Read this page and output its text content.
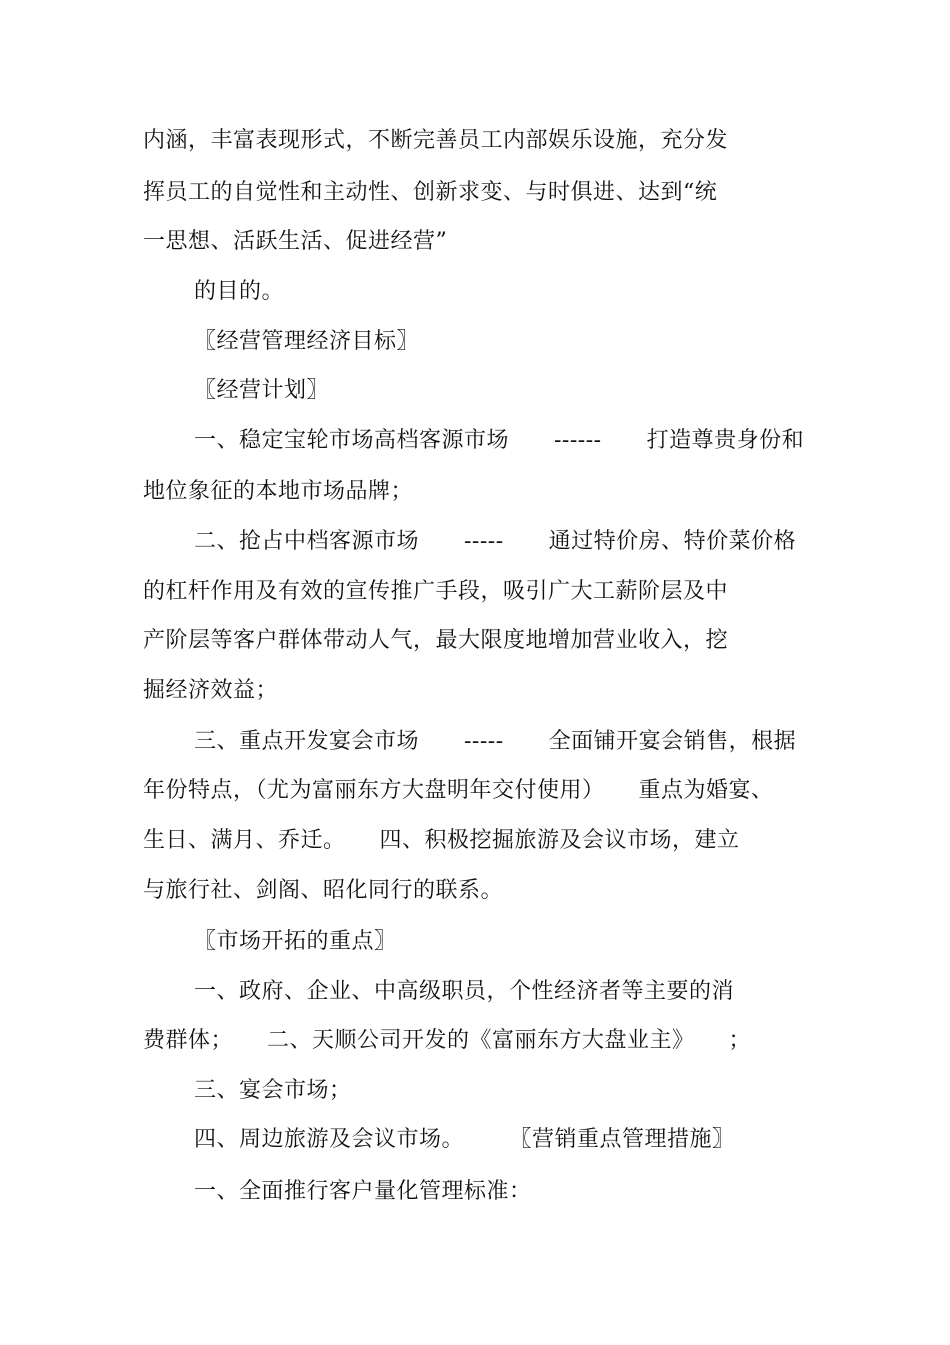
内涵，丰富表现形式，不断完善员工内部娱乐设施，充分发
挥员工的自觉性和主动性、创新求变、与时俱进、达到“统
一思想、活跃生活、促进经营”
的目的。
〖经营管理经济目标〗
〖经营计划〗
一、稳定宝轮市场高档客源市场　　------　　打造尊贵身份和
地位象征的本地市场品牌；
二、抢占中档客源市场　　-----　　通过特价房、特价菜价格
的杠杆作用及有效的宣传推广手段，吸引广大工薪阶层及中
产阶层等客户群体带动人气，最大限度地增加营业收入，挖
掘经济效益；
三、重点开发宴会市场　　-----　　全面铺开宴会销售，根据
年份特点，（尤为富丽东方大盘明年交付使用）　　重点为婚宴、
生日、满月、乔迁。　　四、积极挖掘旅游及会议市场，建立
与旅行社、剑阁、昭化同行的联系。
〖市场开拓的重点〗
一、政府、企业、中高级职员，个性经济者等主要的消
费群体；　　二、天顺公司开发的《富丽东方大盘业主》　　；
三、宴会市场；
四、周边旅游及会议市场。　　　〖营销重点管理措施〗
一、全面推行客户量化管理标准：
